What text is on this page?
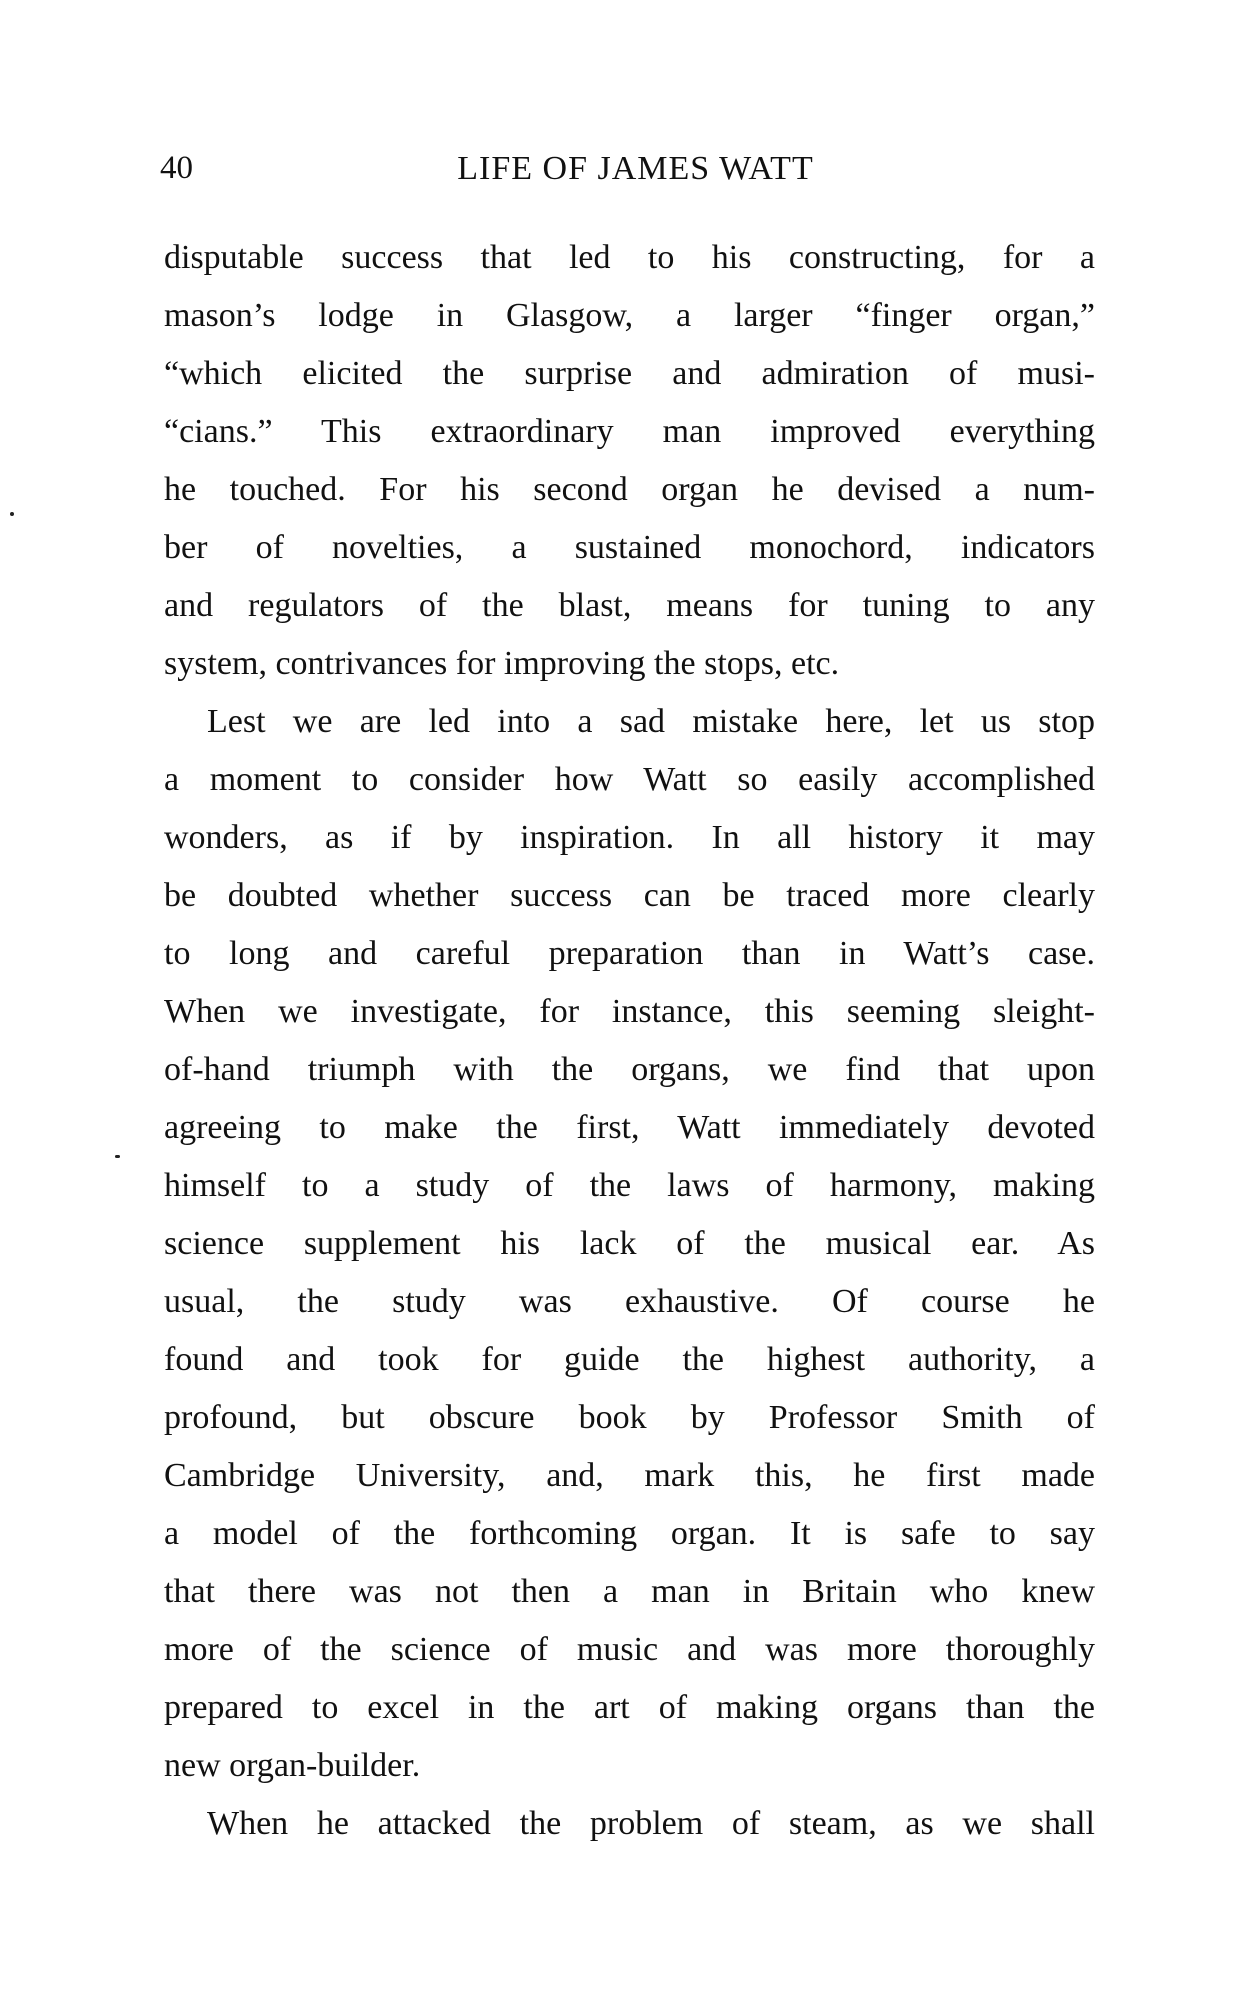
40	LIFE OF JAMES WATT
disputable success that led to his constructing, for a
mason’s lodge in Glasgow, a larger “finger organ,”
“which elicited the surprise and admiration of musi-
“cians.” This extraordinary man improved everything
he touched. For his second organ he devised a num-
ber of novelties, a sustained monochord, indicators
and regulators of the blast, means for tuning to any
system, contrivances for improving the stops, etc.
Lest we are led into a sad mistake here, let us stop
a moment to consider how Watt so easily accomplished
wonders, as if by inspiration. In all history it may
be doubted whether success can be traced more clearly
to long and careful preparation than in Watt’s case.
When we investigate, for instance, this seeming sleight-
of-hand triumph with the organs, we find that upon
agreeing to make the first, Watt immediately devoted
himself to a study of the laws of harmony, making
science supplement his lack of the musical ear. As
usual, the study was exhaustive. Of course he
found and took for guide the highest authority, a
profound, but obscure book by Professor Smith of
Cambridge University, and, mark this, he first made
a model of the forthcoming organ. It is safe to say
that there was not then a man in Britain who knew
more of the science of music and was more thoroughly
prepared to excel in the art of making organs than the
new organ-builder.
When he attacked the problem of steam, as we shall
